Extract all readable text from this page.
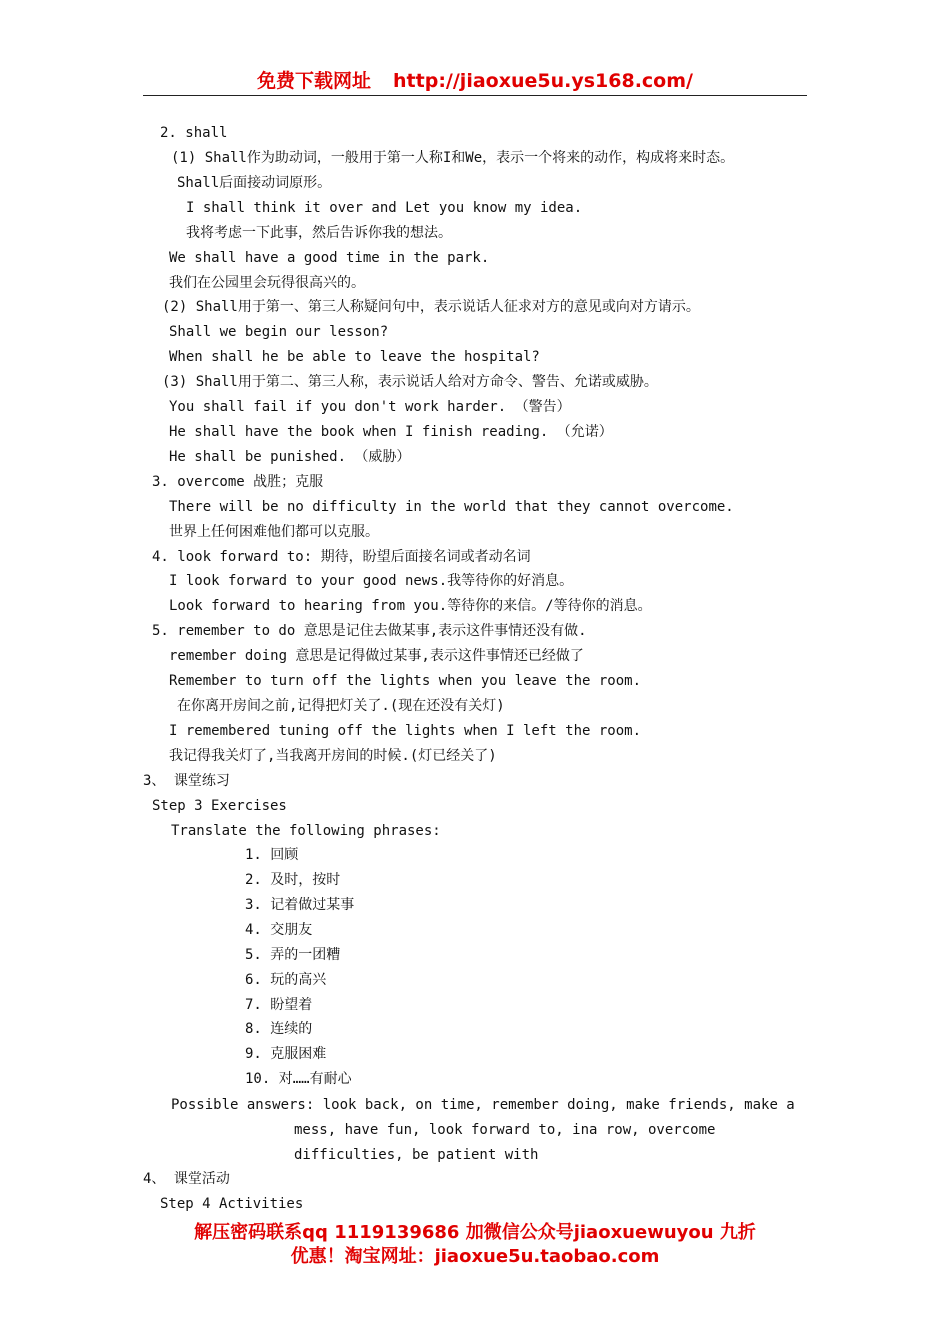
免费下载网址 http://jiaoxue5u.ys168.com/
2. shall
(1) Shall作为助动词，一般用于第一人称I和We，表示一个将来的动作，构成将来时态。
Shall后面接动词原形。
I shall think it over and Let you know my idea.
我将考虑一下此事，然后告诉你我的想法。
We shall have a good time in the park.
我们在公园里会玩得很高兴的。
(2) Shall用于第一、第三人称疑问句中，表示说话人征求对方的意见或向对方请示。
Shall we begin our lesson?
When shall he be able to leave the hospital?
(3) Shall用于第二、第三人称，表示说话人给对方命令、警告、允诺或威胁。
You shall fail if you don't work harder. （警告）
He shall have the book when I finish reading. （允诺）
He shall be punished. （威胁）
3. overcome 战胜；克服
There will be no difficulty in the world that they cannot overcome.
世界上任何困难他们都可以克服。
4. look forward to: 期待，盼望后面接名词或者动名词
I look forward to your good news.我等待你的好消息。
Look forward to hearing from you.等待你的来信。/等待你的消息。
5. remember to do 意思是记住去做某事,表示这件事情还没有做.
remember doing 意思是记得做过某事,表示这件事情还已经做了
Remember to turn off the lights when you leave the room.
在你离开房间之前,记得把灯关了.(现在还没有关灯)
I remembered tuning off the lights when I left the room.
我记得我关灯了,当我离开房间的时候.(灯已经关了)
3、 课堂练习
Step 3 Exercises
Translate the following phrases:
1. 回顾
2. 及时，按时
3. 记着做过某事
4. 交朋友
5. 弄的一团糟
6. 玩的高兴
7. 盼望着
8. 连续的
9. 克服困难
10. 对……有耐心
Possible answers: look back, on time, remember doing, make friends, make a
mess, have fun, look forward to, ina row, overcome
difficulties, be patient with
4、 课堂活动
Step 4 Activities
解压密码联系qq 1119139686 加微信公众号jiaoxuewuyou 九折
优惠！淘宝网址：jiaoxue5u.taobao.com
